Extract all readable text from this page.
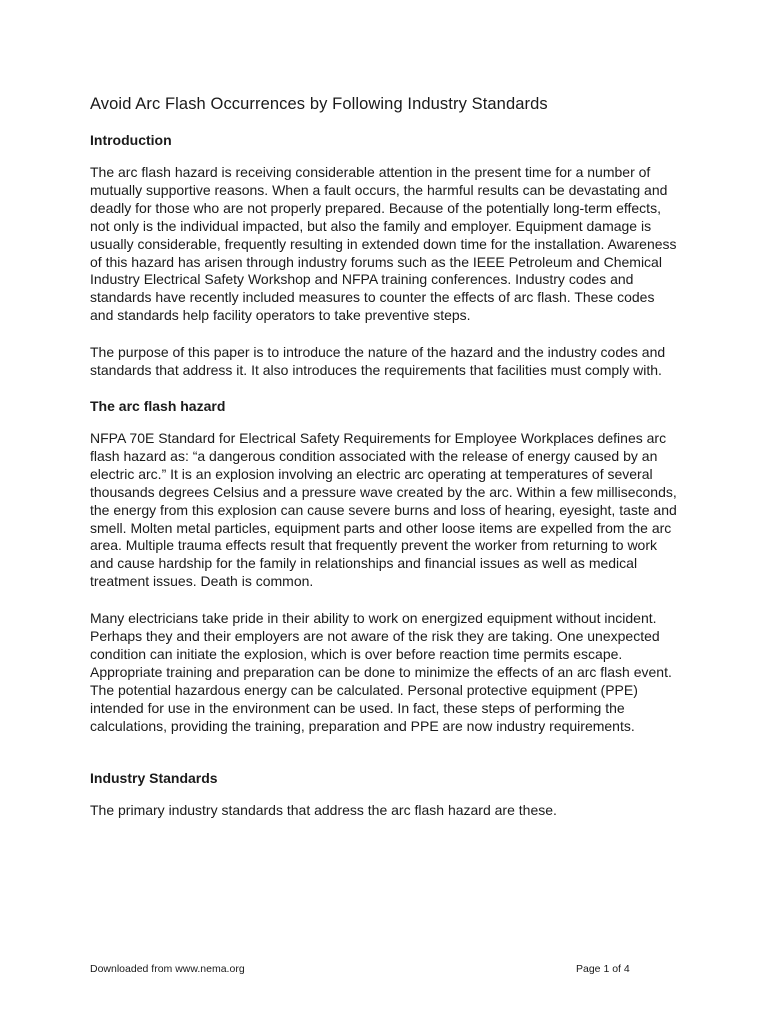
Avoid Arc Flash Occurrences by Following Industry Standards
Introduction

The arc flash hazard is receiving considerable attention in the present time for a number of mutually supportive reasons. When a fault occurs, the harmful results can be devastating and deadly for those who are not properly prepared. Because of the potentially long-term effects, not only is the individual impacted, but also the family and employer. Equipment damage is usually considerable, frequently resulting in extended down time for the installation. Awareness of this hazard has arisen through industry forums such as the IEEE Petroleum and Chemical Industry Electrical Safety Workshop and NFPA training conferences. Industry codes and standards have recently included measures to counter the effects of arc flash. These codes and standards help facility operators to take preventive steps.

The purpose of this paper is to introduce the nature of the hazard and the industry codes and standards that address it. It also introduces the requirements that facilities must comply with.

The arc flash hazard

NFPA 70E Standard for Electrical Safety Requirements for Employee Workplaces defines arc flash hazard as: “a dangerous condition associated with the release of energy caused by an electric arc.” It is an explosion involving an electric arc operating at temperatures of several thousands degrees Celsius and a pressure wave created by the arc. Within a few milliseconds, the energy from this explosion can cause severe burns and loss of hearing, eyesight, taste and smell. Molten metal particles, equipment parts and other loose items are expelled from the arc area. Multiple trauma effects result that frequently prevent the worker from returning to work and cause hardship for the family in relationships and financial issues as well as medical treatment issues. Death is common.

Many electricians take pride in their ability to work on energized equipment without incident. Perhaps they and their employers are not aware of the risk they are taking. One unexpected condition can initiate the explosion, which is over before reaction time permits escape. Appropriate training and preparation can be done to minimize the effects of an arc flash event. The potential hazardous energy can be calculated. Personal protective equipment (PPE) intended for use in the environment can be used. In fact, these steps of performing the calculations, providing the training, preparation and PPE are now industry requirements.

Industry Standards

The primary industry standards that address the arc flash hazard are these.

Downloaded from www.nema.org	Page 1 of 4
